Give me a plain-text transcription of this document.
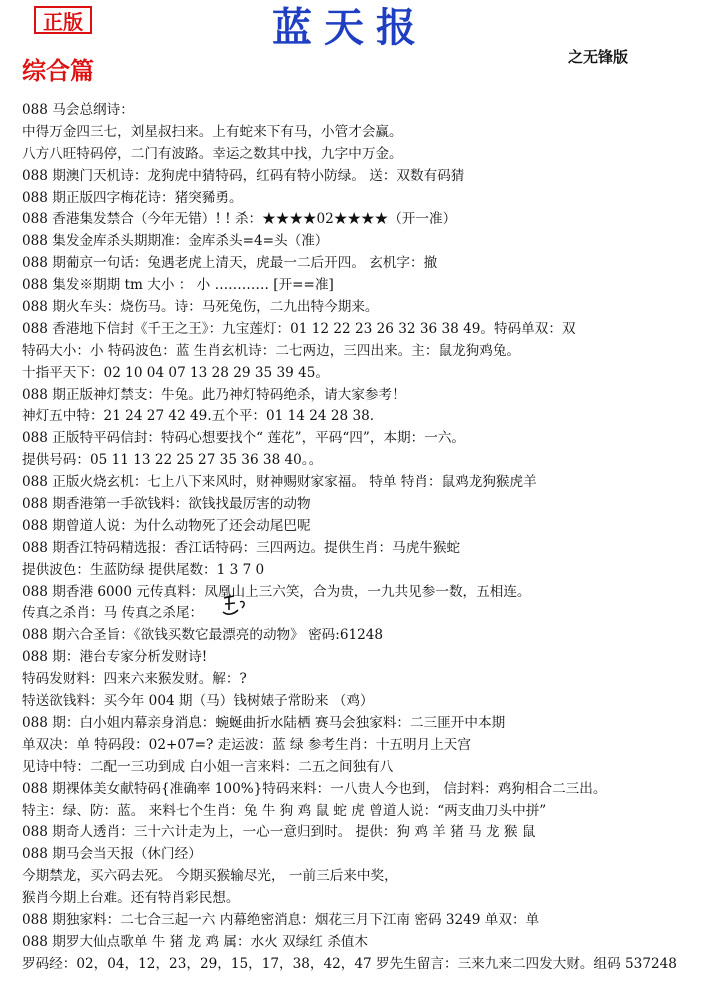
正版	蓝天报
之无锋版
综合篇
088 马会总纲诗：
中得万金四三七，刘星叔扫来。上有蛇来下有马，小管才会赢。
八方八旺特码停，二门有波路。幸运之数其中找，九字中万金。
088 期澳门天机诗：龙狗虎中猜特码，红码有特小防绿。 送：双数有码猜
088 期正版四字梅花诗：猪突豨勇。
088 香港集发禁合（今年无错）! ! 杀：★★★★02★★★★（开一准）
088 集发金库杀头期期准：金库杀头=4=头（准）
088 期葡京一句话：兔遇老虎上清天，虎最一二后开四。 玄机字：撤
088 集发※期期 tm 大小 ： 小 ………… [开==准]
088 期火车头：烧伤马。诗：马死兔伤，二九出特今期来。
088 香港地下信封《千王之王》：九宝莲灯：01 12 22 23 26 32 36 38 49。特码单双：双
特码大小：小 特码波色：蓝 生肖玄机诗：二七两边，三四出来。主：鼠龙狗鸡兔。
十指平天下：02 10 04 07 13 28 29 35 39 45。
088 期正版神灯禁支：牛兔。此乃神灯特码绝杀，请大家参考！
神灯五中特：21 24 27 42 49.五个平：01 14 24 28 38.
088 正版特平码信封：特码心想要找个“ 莲花”，平码“四”，本期：一六。
提供号码：05 11 13 22 25 27 35 36 38 40。。
088 正版火烧玄机：七上八下来风时，财神赐财家家福。 特单 特肖：鼠鸡龙狗猴虎羊
088 期香港第一手欲钱料：欲钱找最厉害的动物
088 期曾道人说：为什么动物死了还会动尾巴呢
088 期香江特码精选报：香江话特码：三四两边。提供生肖：马虎牛猴蛇
提供波色：生蓝防绿 提供尾数：1 3 7 0
088 期香港 6000 元传真料：凤凰山上三六笑，合为贵，一九共见参一数，五相连。
传真之杀肖：马 传真之杀尾：
088 期六合圣旨：《欲钱买数它最漂亮的动物》 密码:61248
088 期：港台专家分析发财诗!
特码发财料：四来六来猴发财。解：?
特送欲钱料：买今年 004 期（马）钱树婊子常盼来 （鸡）
088 期：白小姐内幕亲身消息：蜿蜒曲折水陆栖 赛马会独家料：二三匪开中本期
单双决：单 特码段：02+07=? 走运波：蓝 绿 参考生肖：十五明月上天宫
见诗中特：二配一三功到成 白小姐一言来料：二五之间独有八
088 期裸体美女献特码{准确率 100%}特码来料：一八贵人今也到， 信封料：鸡狗相合二三出。
特主：绿、防：蓝。 来料七个生肖：兔 牛 狗 鸡 鼠 蛇 虎 曾道人说：“两支曲刀头中拼”
088 期奇人透肖：三十六计走为上，一心一意归到时。 提供：狗 鸡 羊 猪 马 龙 猴 鼠
088 期马会当天报（休门经）
今期禁龙，买六码去死。 今期买猴输尽光， 一前三后来中奖，
猴肖今期上台难。还有特肖彩民想。
088 期独家料：二七合三起一六 内幕绝密消息：烟花三月下江南 密码 3249 单双：单
088 期罗大仙点歌单 牛 猪 龙 鸡 属：水火 双绿红 杀值木
罗码经：02，04，12，23，29，15，17，38，42，47 罗先生留言：三来九来二四发大财。组码 537248
